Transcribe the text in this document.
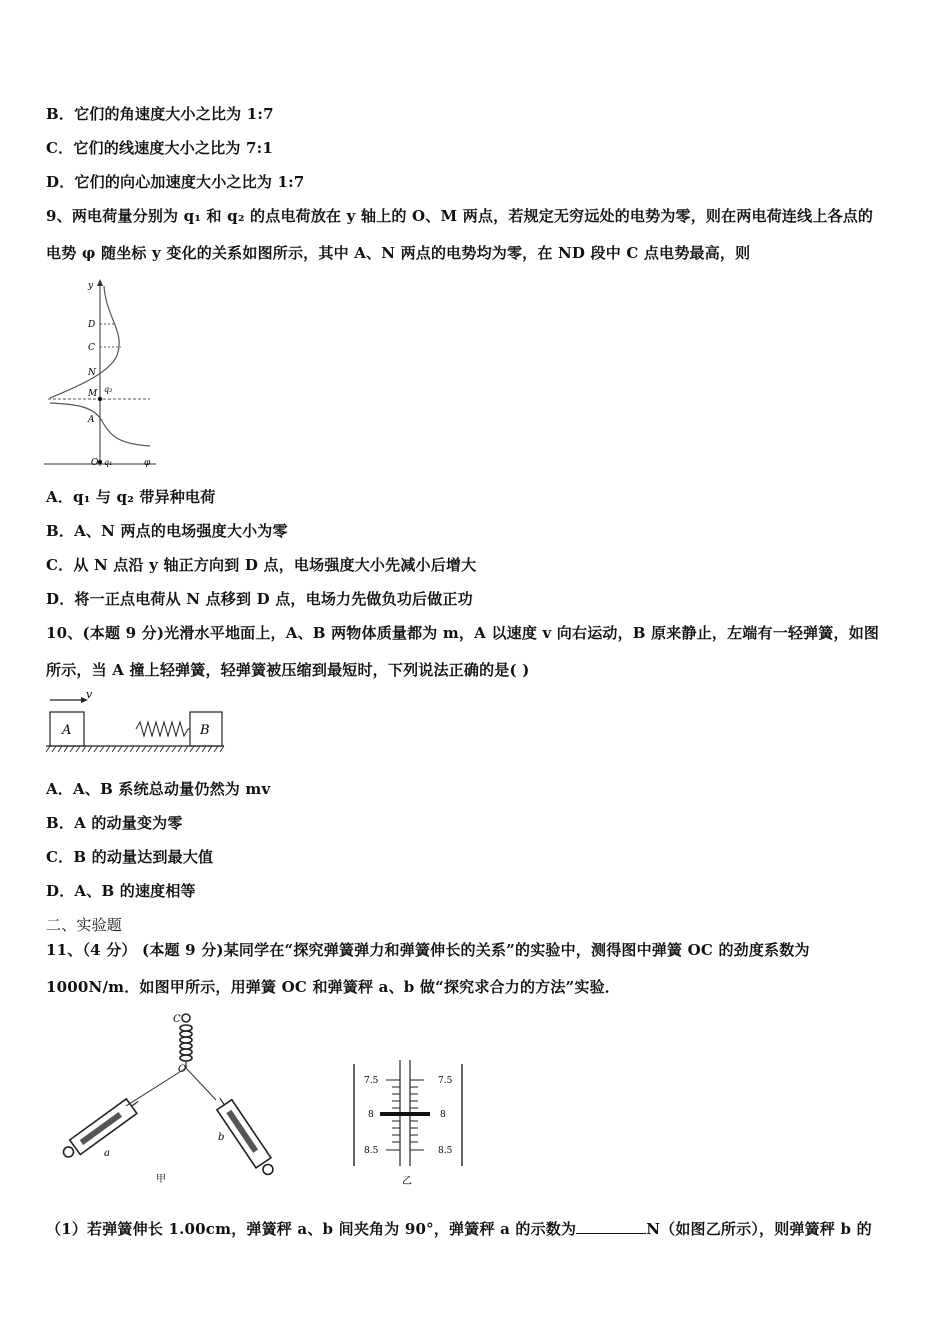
B．它们的角速度大小之比为 1:7
C．它们的线速度大小之比为 7:1
D．它们的向心加速度大小之比为 1:7
9、两电荷量分别为 q₁ 和 q₂ 的点电荷放在 y 轴上的 O、M 两点，若规定无穷远处的电势为零，则在两电荷连线上各点的
电势 φ 随坐标 y 变化的关系如图所示，其中 A、N 两点的电势均为零，在 ND 段中 C 点电势最高，则
y
D
C
N
M q₂
A
O q₁	φ
A．q₁ 与 q₂ 带异种电荷
B．A、N 两点的电场强度大小为零
C．从 N 点沿 y 轴正方向到 D 点，电场强度大小先减小后增大
D．将一正点电荷从 N 点移到 D 点，电场力先做负功后做正功
10、(本题 9 分)光滑水平地面上，A、B 两物体质量都为 m，A 以速度 v 向右运动，B 原来静止，左端有一轻弹簧，如图
所示，当 A 撞上轻弹簧，轻弹簧被压缩到最短时，下列说法正确的是( )
v
A	B
A．A、B 系统总动量仍然为 mv
B．A 的动量变为零
C．B 的动量达到最大值
D．A、B 的速度相等
二、实验题
11、（4 分） (本题 9 分)某同学在“探究弹簧弹力和弹簧伸长的关系”的实验中，测得图中弹簧 OC 的劲度系数为
1000N/m．如图甲所示，用弹簧 OC 和弹簧秤 a、b 做“探究求合力的方法”实验．
C
O
a
b
甲
7.5	7.5
8	8
8.5	8.5
乙
（1）若弹簧伸长 1.00cm，弹簧秤 a、b 间夹角为 90°，弹簧秤 a 的示数为	N（如图乙所示），则弹簧秤 b 的
